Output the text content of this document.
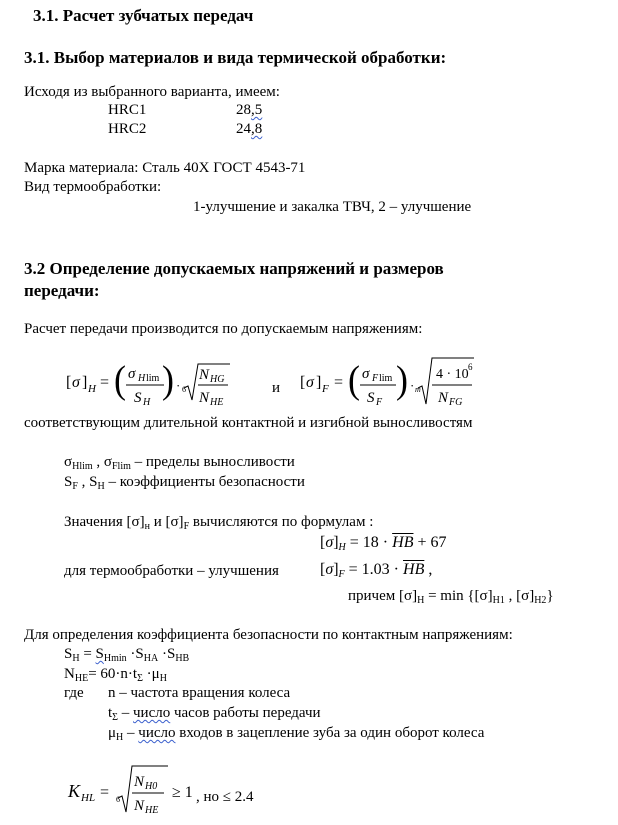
3.1. Расчет зубчатых передач
3.1. Выбор материалов и вида термической обработки:
Исходя из выбранного варианта, имеем:
HRC1	28,5
HRC2	24,8
Марка материала: Сталь 40Х ГОСТ 4543-71
Вид термообработки:
1-улучшение и закалка ТВЧ, 2 – улучшение
3.2 Определение допускаемых напряжений и размеров
передачи:
Расчет передачи производится по допускаемым напряжениям:
[ σ ] H = ( σ H lim
S H
) · 6
N HG
N HE
и [ σ ] F = ( σ F lim
S F
) · m
4 · 10 6
N FG
соответствующим длительной контактной и изгибной выносливостям
$\sigma_{Hlim}$ , $\sigma_{Flim}$ – пределы выносливости
$S_F$ , $S_H$ – коэффициенты безопасности
Значения $[\sigma]_н$ и $[\sigma]_F$ вычисляются по формулам :
$[\sigma]_H = 18 \cdot \overline{HB} + 67$
для термообработки – улучшения	$[\sigma]_F = 1.03 \cdot \overline{HB}$ ,
причем $[\sigma]_H = \min \{[\sigma]_{H1}$ , $[\sigma]_{H2}$}
Для определения коэффициента безопасности по контактным напряжениям:
$S_H = S_{Hmin} \cdot S_{HA} \cdot S_{HB}$
$N_{HE}= 60\cdot n\cdot t_\Sigma \cdot\mu_H$
где n – частота вращения колеса
$t_\Sigma$ – число часов работы передачи
$\mu_H$ – число входов в зацепление зуба за один оборот колеса
K HL = 6
N H0
N HE
≥ 1 , но ≤ 2.4
